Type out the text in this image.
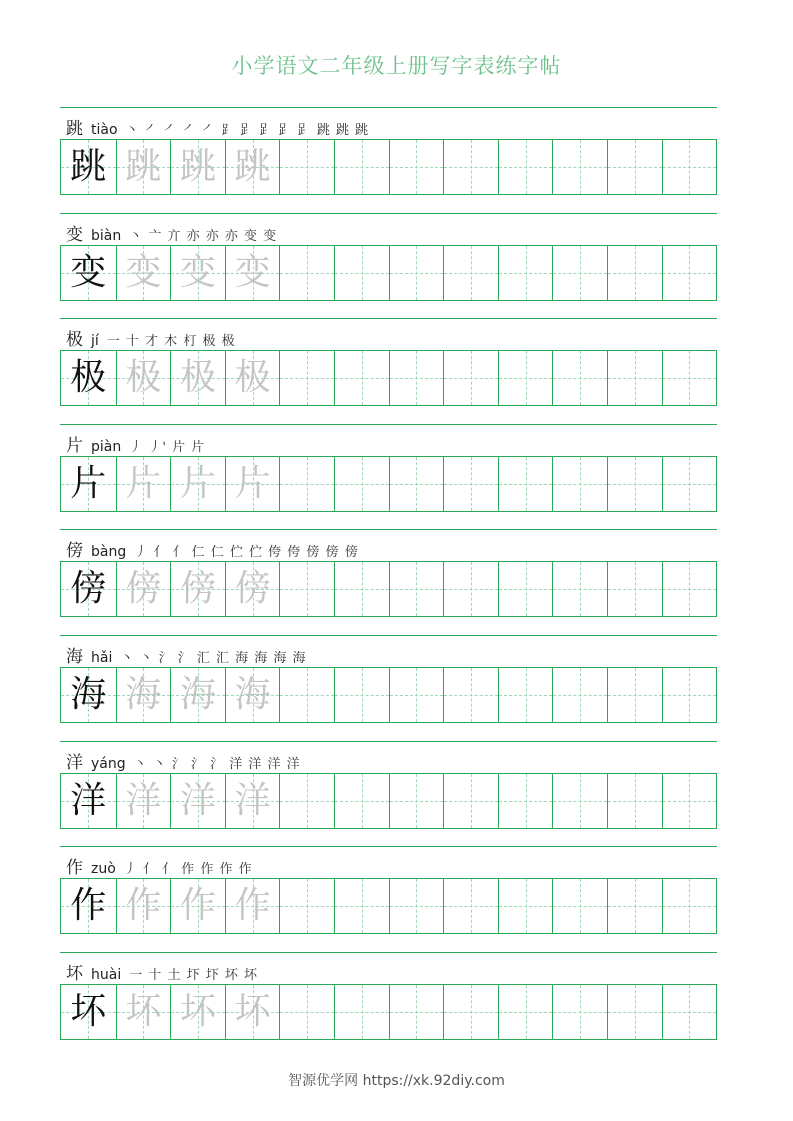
小学语文二年级上册写字表练字帖
跳 tiào 丶 ㇒ ㇒ ㇒ ㇒ ⻊ 𧾷 𧾷 𧾷 𧾷 跳 跳 跳
跳 跳 跳 跳
变 biàn 丶 亠 亣 亦 亦 亦 变 变
变 变 变 变
极 jí 一 十 才 木 朾 极 极
极 极 极 极
片 piàn 丿 丿' 片 片
片 片 片 片
傍 bàng 丿 亻 亻 仁 仁 伫 伫 侉 侉 傍 傍 傍
傍 傍 傍 傍
海 hǎi 丶 丶 氵 氵 汇 汇 海 海 海 海
海 海 海 海
洋 yáng 丶 丶 氵 氵 氵 洋 洋 洋 洋
洋 洋 洋 洋
作 zuò 丿 亻 亻 作 作 作 作
作 作 作 作
坏 huài 一 十 土 圷 圷 坏 坏
坏 坏 坏 坏
智源优学网 https://xk.92diy.com
